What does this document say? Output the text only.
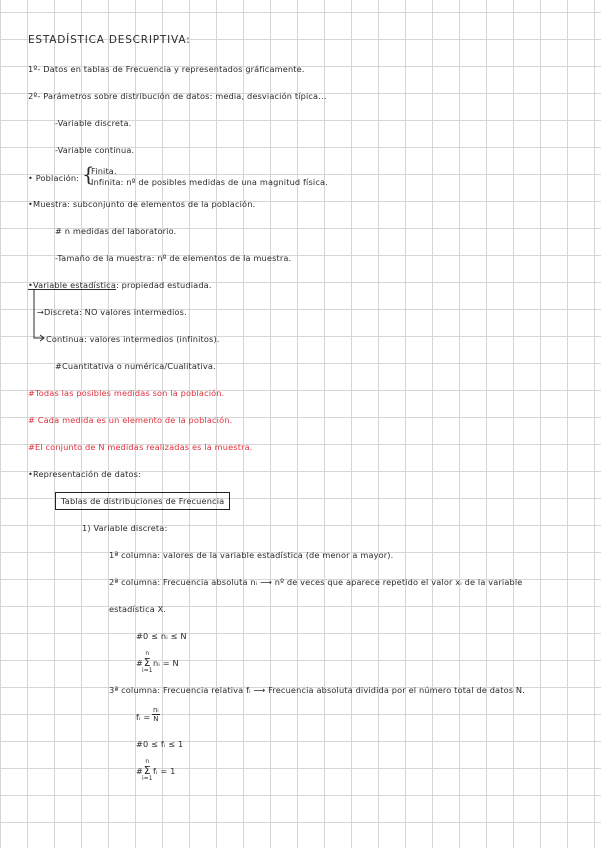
ESTADÍSTICA DESCRIPTIVA:
1º- Datos en tablas de Frecuencia y representados gráficamente.
2º- Parámetros sobre distribución de datos: media, desviación típica...
-Variable discreta.
-Variable continua.
• Población: {
Finita.
Infinita: nº de posibles medidas de una magnitud física.
•Muestra: subconjunto de elementos de la población.
# n medidas del laboratorio.
-Tamaño de la muestra: nº de elementos de la muestra.
•Variable estadística: propiedad estudiada.
→Discreta: NO valores intermedios.
Continua: valores intermedios (infinitos).
#Cuantitativa o numérica/Cualitativa.
#Todas las posibles medidas son la población.
# Cada medida es un elemento de la población.
#El conjunto de N medidas realizadas es la muestra.
•Representación de datos:
Tablas de distribuciones de Frecuencia
1) Variable discreta:
1ª columna: valores de la variable estadística (de menor a mayor).
2ª columna: Frecuencia absoluta nᵢ ⟶ nº de veces que aparece repetido el valor xᵢ de la variable
estadística X.
#0 ≤ nᵢ ≤ N
#
n
Σ
i=1
nᵢ = N
3ª columna: Frecuencia relativa fᵢ ⟶ Frecuencia absoluta dividida por el número total de datos N.
fᵢ = $\frac{\text{nᵢ}}{N}$
#0 ≤ fᵢ ≤ 1
#
n
Σ
i=1
fᵢ = 1
